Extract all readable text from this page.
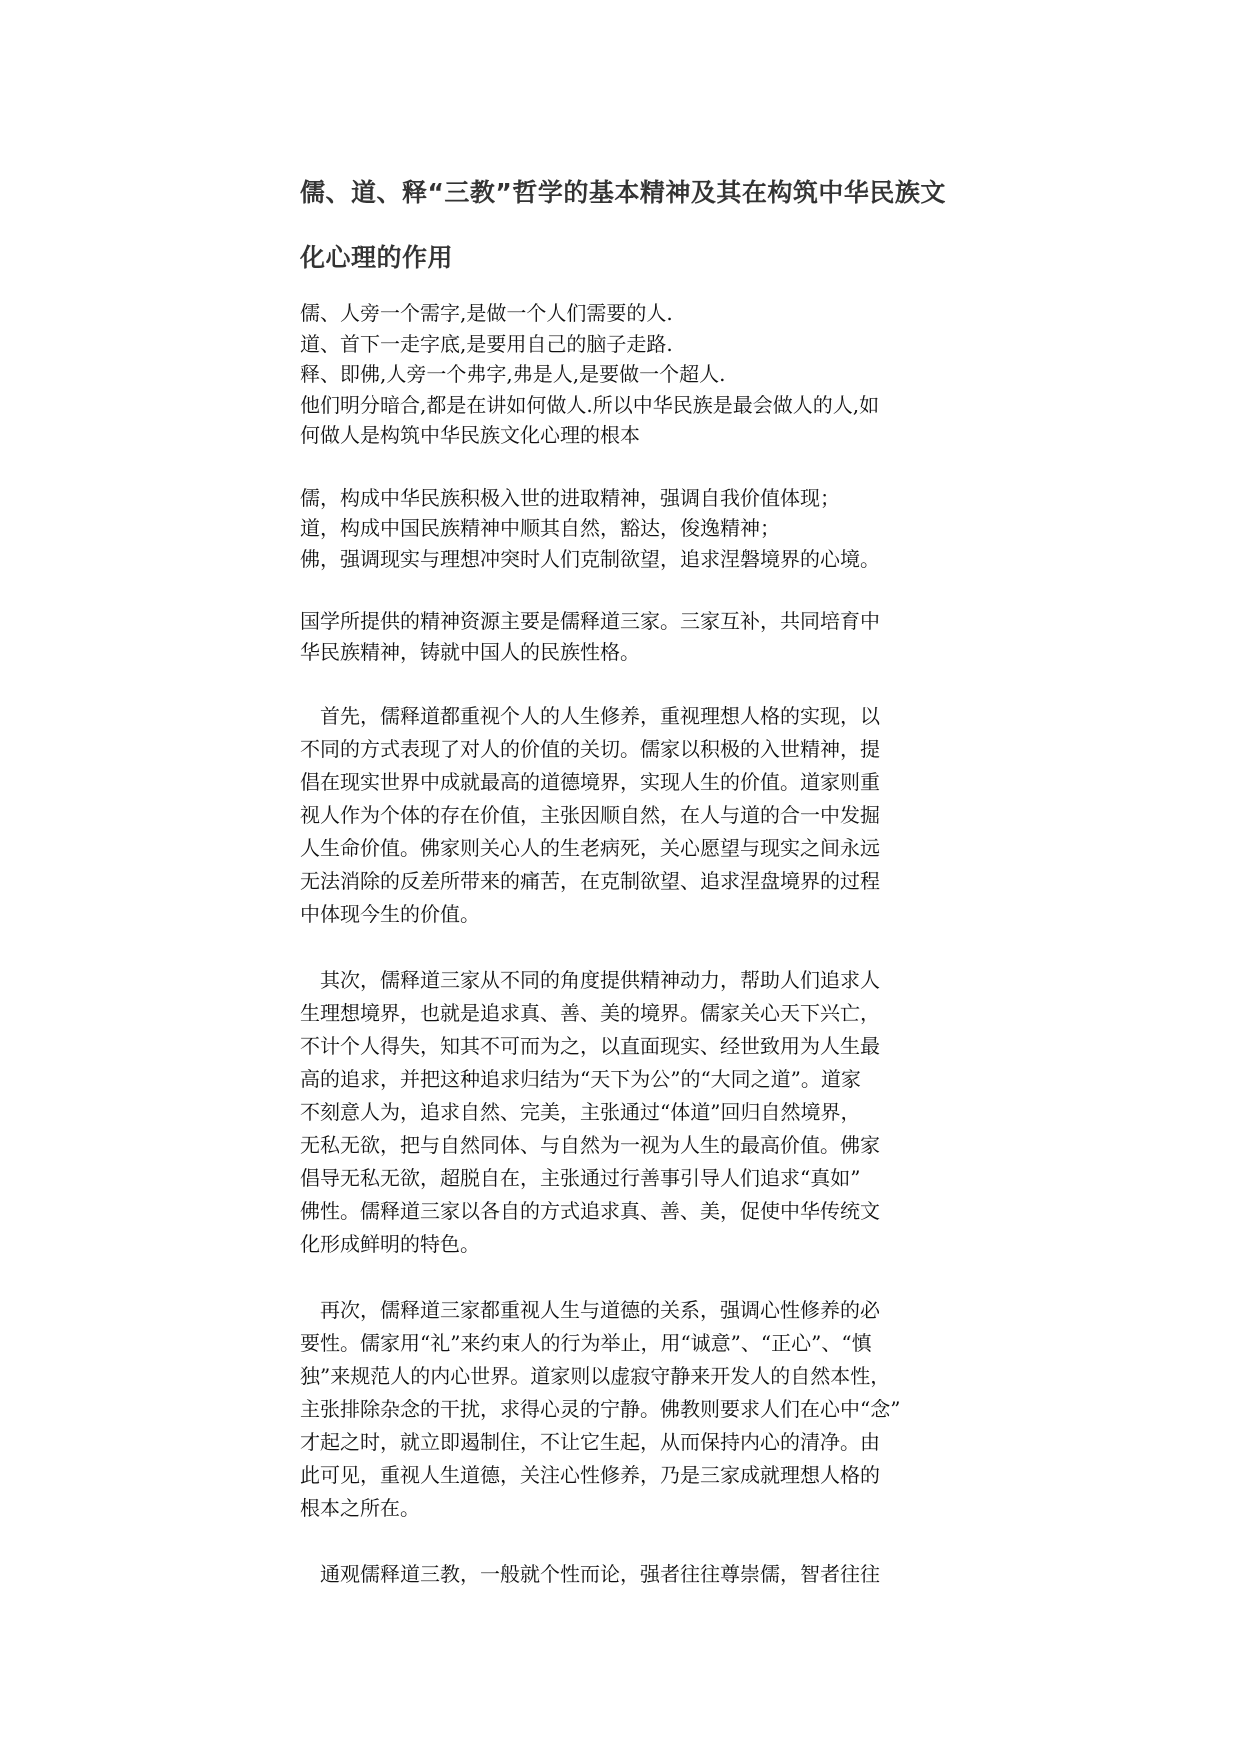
儒、道、释“三教”哲学的基本精神及其在构筑中华民族文
化心理的作用
儒、人旁一个需字,是做一个人们需要的人.
道、首下一走字底,是要用自己的脑子走路.
释、即佛,人旁一个弗字,弗是人,是要做一个超人.
他们明分暗合,都是在讲如何做人.所以中华民族是最会做人的人,如
何做人是构筑中华民族文化心理的根本
儒，构成中华民族积极入世的进取精神，强调自我价值体现；
道，构成中国民族精神中顺其自然，豁达，俊逸精神；
佛，强调现实与理想冲突时人们克制欲望，追求涅磐境界的心境。
国学所提供的精神资源主要是儒释道三家。三家互补，共同培育中
华民族精神，铸就中国人的民族性格。
　首先，儒释道都重视个人的人生修养，重视理想人格的实现，以
不同的方式表现了对人的价值的关切。儒家以积极的入世精神，提
倡在现实世界中成就最高的道德境界，实现人生的价值。道家则重
视人作为个体的存在价值，主张因顺自然，在人与道的合一中发掘
人生命价值。佛家则关心人的生老病死，关心愿望与现实之间永远
无法消除的反差所带来的痛苦，在克制欲望、追求涅盘境界的过程
中体现今生的价值。
　其次，儒释道三家从不同的角度提供精神动力，帮助人们追求人
生理想境界，也就是追求真、善、美的境界。儒家关心天下兴亡，
不计个人得失，知其不可而为之，以直面现实、经世致用为人生最
高的追求，并把这种追求归结为“天下为公”的“大同之道”。道家
不刻意人为，追求自然、完美，主张通过“体道”回归自然境界，
无私无欲，把与自然同体、与自然为一视为人生的最高价值。佛家
倡导无私无欲，超脱自在，主张通过行善事引导人们追求“真如”
佛性。儒释道三家以各自的方式追求真、善、美，促使中华传统文
化形成鲜明的特色。
　再次，儒释道三家都重视人生与道德的关系，强调心性修养的必
要性。儒家用“礼”来约束人的行为举止，用“诚意”、“正心”、“慎
独”来规范人的内心世界。道家则以虚寂守静来开发人的自然本性，
主张排除杂念的干扰，求得心灵的宁静。佛教则要求人们在心中“念”
才起之时，就立即遏制住，不让它生起，从而保持内心的清净。由
此可见，重视人生道德，关注心性修养，乃是三家成就理想人格的
根本之所在。
　通观儒释道三教，一般就个性而论，强者往往尊崇儒，智者往往
